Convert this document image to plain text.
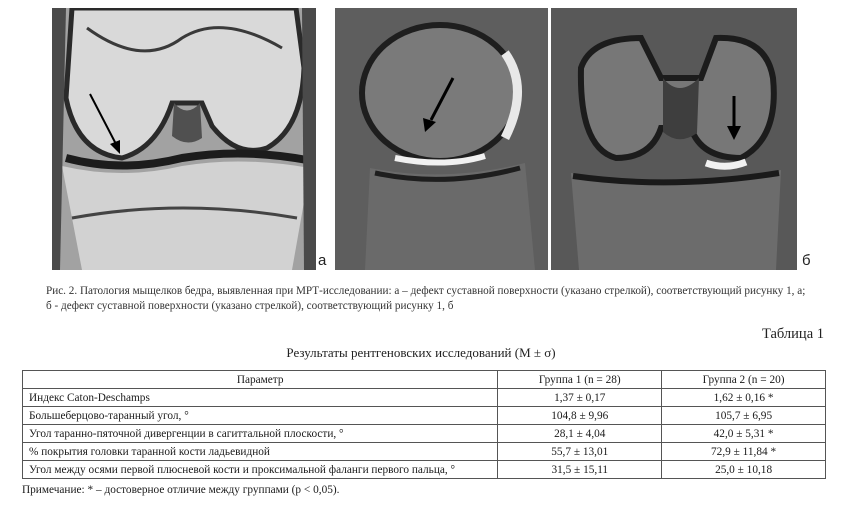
а	б
Рис. 2. Патология мыщелков бедра, выявленная при МРТ-исследовании: а – дефект суставной поверхности (указано стрелкой), соответствующий рисунку 1, а; б - дефект суставной поверхности (указано стрелкой), соответствующий рисунку 1, б
Таблица 1
Результаты рентгеновских исследований (M ± σ)
Параметр	Группа 1 (n = 28)	Группа 2 (n = 20)
Индекс Caton-Deschamps	1,37 ± 0,17	1,62 ± 0,16 *
Большеберцово-таранный угол, °	104,8 ± 9,96	105,7 ± 6,95
Угол таранно-пяточной дивергенции в сагиттальной плоскости, °	28,1 ± 4,04	42,0 ± 5,31 *
% покрытия головки таранной кости ладьевидной	55,7 ± 13,01	72,9 ± 11,84 *
Угол между осями первой плюсневой кости и проксимальной фаланги первого пальца, °	31,5 ± 15,11	25,0 ± 10,18
Примечание: * – достоверное отличие между группами (p < 0,05).
